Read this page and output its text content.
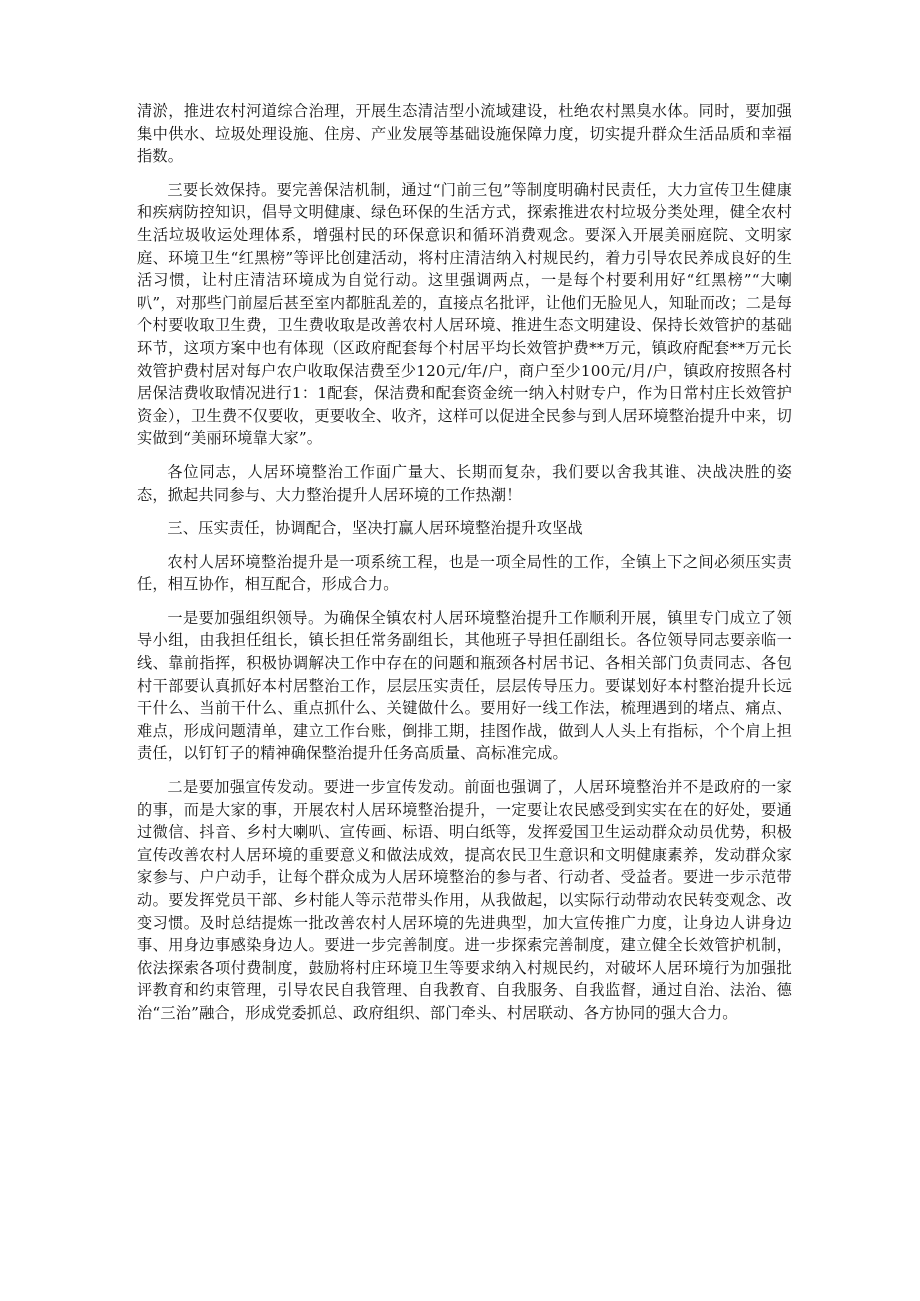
清淤，推进农村河道综合治理，开展生态清洁型小流域建设，杜绝农村黑臭水体。同时，要加强集中供水、垃圾处理设施、住房、产业发展等基础设施保障力度，切实提升群众生活品质和幸福指数。

三要长效保持。要完善保洁机制，通过“门前三包”等制度明确村民责任，大力宣传卫生健康和疾病防控知识，倡导文明健康、绿色环保的生活方式，探索推进农村垃圾分类处理，健全农村生活垃圾收运处理体系，增强村民的环保意识和循环消费观念。要深入开展美丽庭院、文明家庭、环境卫生“红黑榜”等评比创建活动，将村庄清洁纳入村规民约，着力引导农民养成良好的生活习惯，让村庄清洁环境成为自觉行动。这里强调两点，一是每个村要利用好“红黑榜”“大喇叭”，对那些门前屋后甚至室内都脏乱差的，直接点名批评，让他们无脸见人，知耻而改；二是每个村要收取卫生费，卫生费收取是改善农村人居环境、推进生态文明建设、保持长效管护的基础环节，这项方案中也有体现（区政府配套每个村居平均长效管护费**万元，镇政府配套**万元长效管护费村居对每户农户收取保洁费至少120元/年/户，商户至少100元/月/户，镇政府按照各村居保洁费收取情况进行1：1配套，保洁费和配套资金统一纳入村财专户，作为日常村庄长效管护资金），卫生费不仅要收，更要收全、收齐，这样可以促进全民参与到人居环境整治提升中来，切实做到“美丽环境靠大家”。

各位同志，人居环境整治工作面广量大、长期而复杂，我们要以舍我其谁、决战决胜的姿态，掀起共同参与、大力整治提升人居环境的工作热潮！

三、压实责任，协调配合，坚决打赢人居环境整治提升攻坚战

农村人居环境整治提升是一项系统工程，也是一项全局性的工作，全镇上下之间必须压实责任，相互协作，相互配合，形成合力。

一是要加强组织领导。为确保全镇农村人居环境整治提升工作顺利开展，镇里专门成立了领导小组，由我担任组长，镇长担任常务副组长，其他班子导担任副组长。各位领导同志要亲临一线、靠前指挥，积极协调解决工作中存在的问题和瓶颈各村居书记、各相关部门负责同志、各包村干部要认真抓好本村居整治工作，层层压实责任，层层传导压力。要谋划好本村整治提升长远干什么、当前干什么、重点抓什么、关键做什么。要用好一线工作法，梳理遇到的堵点、痛点、难点，形成问题清单，建立工作台账，倒排工期，挂图作战，做到人人头上有指标，个个肩上担责任，以钉钉子的精神确保整治提升任务高质量、高标准完成。

二是要加强宣传发动。要进一步宣传发动。前面也强调了，人居环境整治并不是政府的一家的事，而是大家的事，开展农村人居环境整治提升，一定要让农民感受到实实在在的好处，要通过微信、抖音、乡村大喇叭、宣传画、标语、明白纸等，发挥爱国卫生运动群众动员优势，积极宣传改善农村人居环境的重要意义和做法成效，提高农民卫生意识和文明健康素养，发动群众家家参与、户户动手，让每个群众成为人居环境整治的参与者、行动者、受益者。要进一步示范带动。要发挥党员干部、乡村能人等示范带头作用，从我做起，以实际行动带动农民转变观念、改变习惯。及时总结提炼一批改善农村人居环境的先进典型，加大宣传推广力度，让身边人讲身边事、用身边事感染身边人。要进一步完善制度。进一步探索完善制度，建立健全长效管护机制，依法探索各项付费制度，鼓励将村庄环境卫生等要求纳入村规民约，对破坏人居环境行为加强批评教育和约束管理，引导农民自我管理、自我教育、自我服务、自我监督，通过自治、法治、德治“三治”融合，形成党委抓总、政府组织、部门牵头、村居联动、各方协同的强大合力。
